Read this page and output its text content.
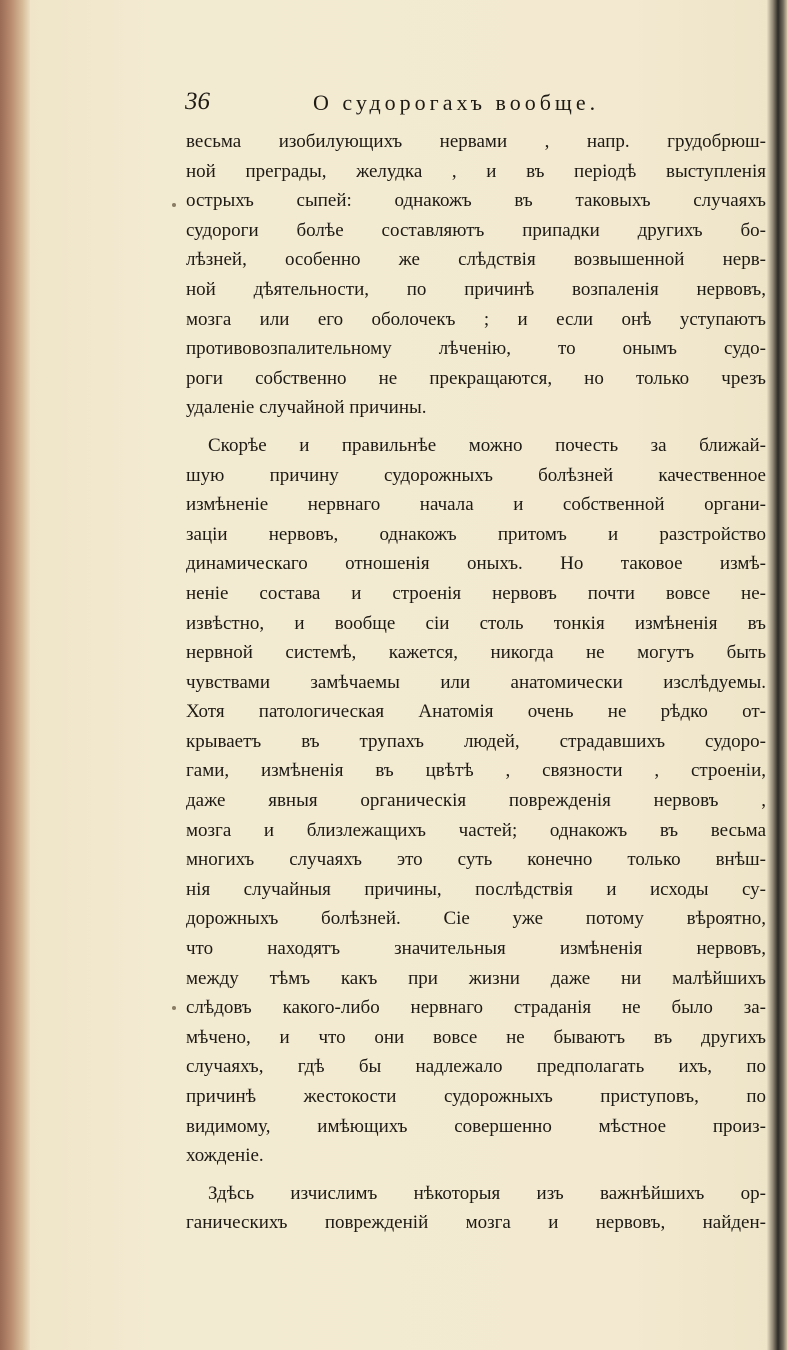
36	О судорогахъ вообще.
весьма изобилующихъ нервами , напр. грудобрюш-
ной преграды, желудка , и въ періодѣ выступленія
острыхъ сыпей: однакожъ въ таковыхъ случаяхъ
судороги болѣе составляютъ припадки другихъ бо-
лѣзней, особенно же слѣдствія возвышенной нерв-
ной дѣятельности, по причинѣ возпаленія нервовъ,
мозга или его оболочекъ ; и если онѣ уступаютъ
противовозпалительному лѣченію, то онымъ судо-
роги собственно не прекращаются, но только чрезъ
удаленіе случайной причины.
Скорѣе и правильнѣе можно почесть за ближай-
шую причину судорожныхъ болѣзней качественное
измѣненіе нервнаго начала и собственной органи-
заціи нервовъ, однакожъ притомъ и разстройство
динамическаго отношенія оныхъ. Но таковое измѣ-
неніе состава и строенія нервовъ почти вовсе не-
извѣстно, и вообще сіи столь тонкія измѣненія въ
нервной системѣ, кажется, никогда не могутъ быть
чувствами замѣчаемы или анатомически изслѣдуемы.
Хотя патологическая Анатомія очень не рѣдко от-
крываетъ въ трупахъ людей, страдавшихъ судоро-
гами, измѣненія въ цвѣтѣ , связности , строеніи,
даже явныя органическія поврежденія нервовъ ,
мозга и близлежащихъ частей; однакожъ въ весьма
многихъ случаяхъ это суть конечно только внѣш-
нія случайныя причины, послѣдствія и исходы су-
дорожныхъ болѣзней. Сіе уже потому вѣроятно,
что находятъ значительныя измѣненія нервовъ,
между тѣмъ какъ при жизни даже ни малѣйшихъ
слѣдовъ какого-либо нервнаго страданія не было за-
мѣчено, и что они вовсе не бываютъ въ другихъ
случаяхъ, гдѣ бы надлежало предполагать ихъ, по
причинѣ жестокости судорожныхъ приступовъ, по
видимому, имѣющихъ совершенно мѣстное произ-
хожденіе.
Здѣсь изчислимъ нѣкоторыя изъ важнѣйшихъ ор-
ганическихъ поврежденій мозга и нервовъ, найден-
